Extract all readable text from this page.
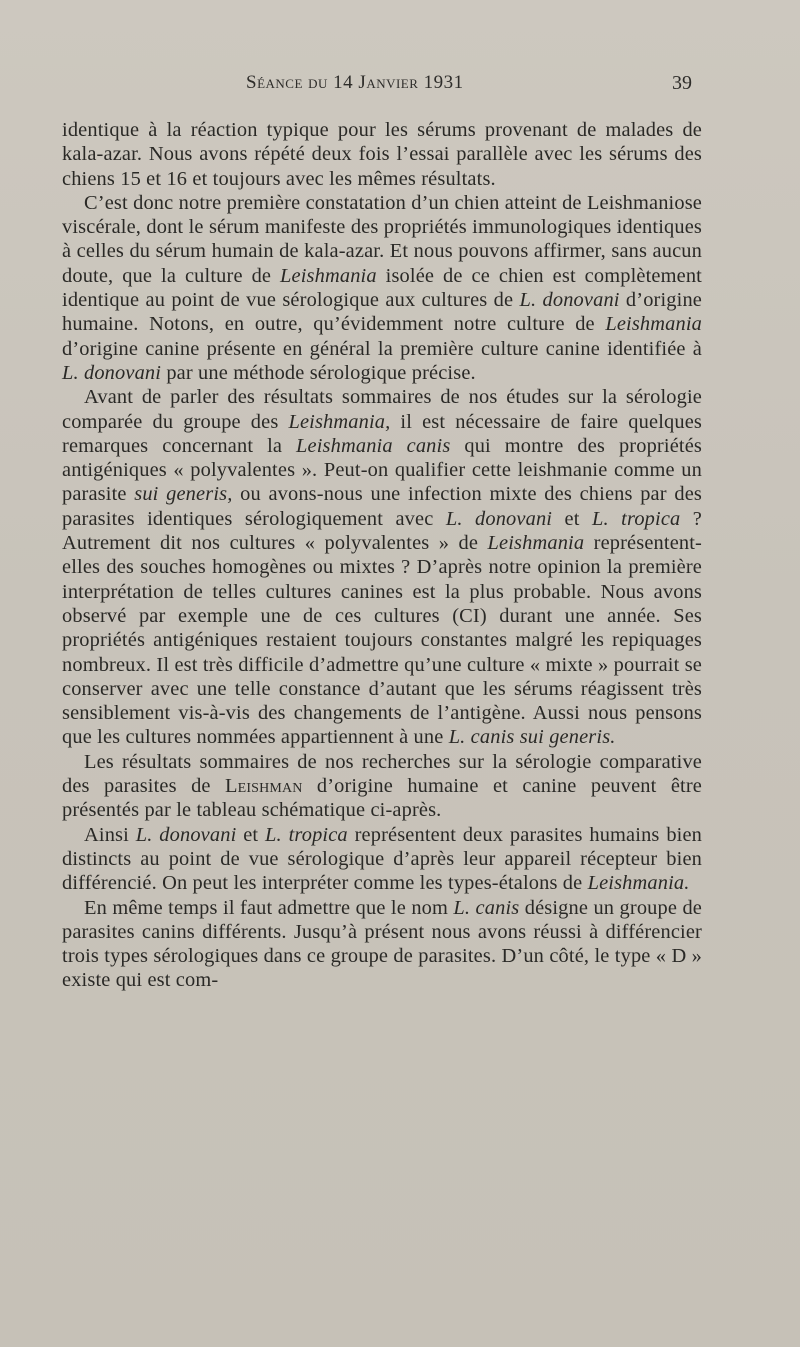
Séance du 14 Janvier 1931	39

identique à la réaction typique pour les sérums provenant de malades de kala-azar. Nous avons répété deux fois l’essai parallèle avec les sérums des chiens 15 et 16 et toujours avec les mêmes résultats.

C’est donc notre première constatation d’un chien atteint de Leishmaniose viscérale, dont le sérum manifeste des propriétés immunologiques identiques à celles du sérum humain de kala-azar. Et nous pouvons affirmer, sans aucun doute, que la culture de Leishmania isolée de ce chien est complètement identique au point de vue sérologique aux cultures de L. donovani d’origine humaine. Notons, en outre, qu’évidemment notre culture de Leishmania d’origine canine présente en général la première culture canine identifiée à L. donovani par une méthode sérologique précise.

Avant de parler des résultats sommaires de nos études sur la sérologie comparée du groupe des Leishmania, il est nécessaire de faire quelques remarques concernant la Leishmania canis qui montre des propriétés antigéniques « polyvalentes ». Peut-on qualifier cette leishmanie comme un parasite sui generis, ou avons-nous une infection mixte des chiens par des parasites identiques sérologiquement avec L. donovani et L. tropica ? Autrement dit nos cultures « polyvalentes » de Leishmania représentent-elles des souches homogènes ou mixtes ? D’après notre opinion la première interprétation de telles cultures canines est la plus probable. Nous avons observé par exemple une de ces cultures (CI) durant une année. Ses propriétés antigéniques restaient toujours constantes malgré les repiquages nombreux. Il est très difficile d’admettre qu’une culture « mixte » pourrait se conserver avec une telle constance d’autant que les sérums réagissent très sensiblement vis-à-vis des changements de l’antigène. Aussi nous pensons que les cultures nommées appartiennent à une L. canis sui generis.

Les résultats sommaires de nos recherches sur la sérologie comparative des parasites de Leishman d’origine humaine et canine peuvent être présentés par le tableau schématique ci-après.

Ainsi L. donovani et L. tropica représentent deux parasites humains bien distincts au point de vue sérologique d’après leur appareil récepteur bien différencié. On peut les interpréter comme les types-étalons de Leishmania.

En même temps il faut admettre que le nom L. canis désigne un groupe de parasites canins différents. Jusqu’à présent nous avons réussi à différencier trois types sérologiques dans ce groupe de parasites. D’un côté, le type « D » existe qui est com-
